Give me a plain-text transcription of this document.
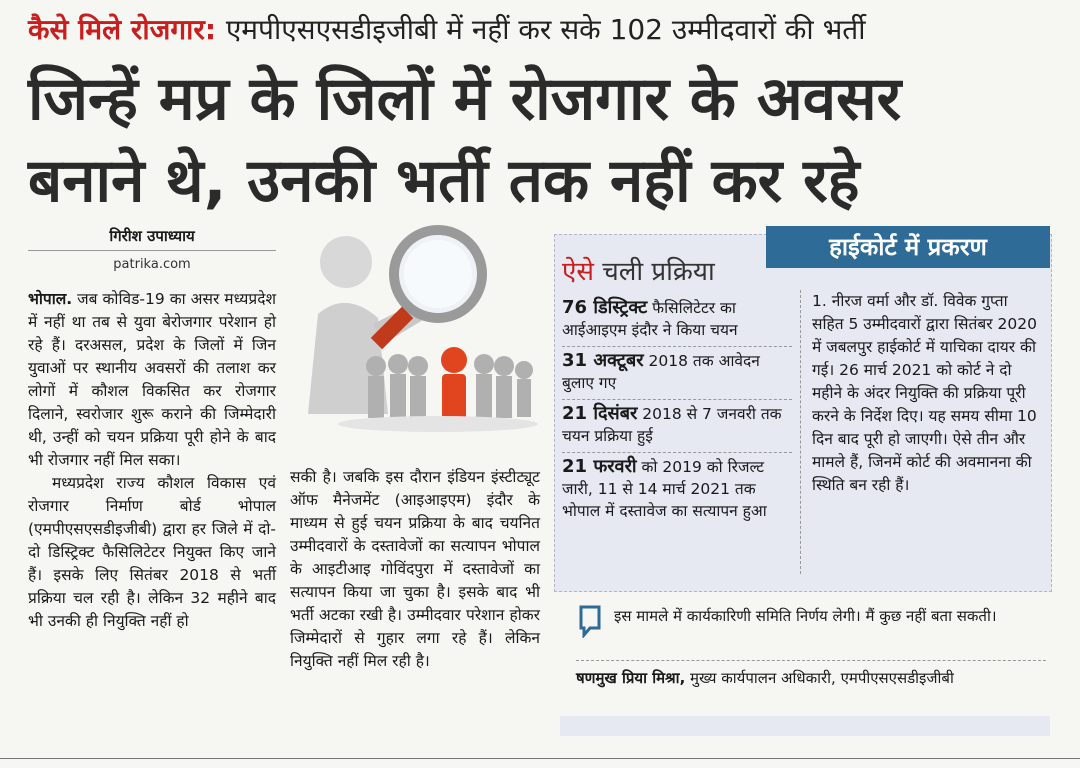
कैसे मिले रोजगार: एमपीएसएसडीइजीबी में नहीं कर सके 102 उम्मीदवारों की भर्ती
जिन्हें मप्र के जिलों में रोजगार के अवसर
बनाने थे, उनकी भर्ती तक नहीं कर रहे
गिरीश उपाध्याय
patrika.com

भोपाल. जब कोविड-19 का असर मध्यप्रदेश में नहीं था तब से युवा बेरोजगार परेशान हो रहे हैं। दरअसल, प्रदेश के जिलों में जिन युवाओं पर स्थानीय अवसरों की तलाश कर लोगों में कौशल विकसित कर रोजगार दिलाने, स्वरोजार शुरू कराने की जिम्मेदारी थी, उन्हीं को चयन प्रक्रिया पूरी होने के बाद भी रोजगार नहीं मिल सका।

मध्यप्रदेश राज्य कौशल विकास एवं रोजगार निर्माण बोर्ड भोपाल (एमपीएसएसडीइजीबी) द्वारा हर जिले में दो-दो डिस्ट्रिक्ट फैसिलिटेटर नियुक्त किए जाने हैं। इसके लिए सितंबर 2018 से भर्ती प्रक्रिया चल रही है। लेकिन 32 महीने बाद भी उनकी ही नियुक्ति नहीं हो

सकी है। जबकि इस दौरान इंडियन इंस्टीट्यूट ऑफ मैनेजमेंट (आइआइएम) इंदौर के माध्यम से हुई चयन प्रक्रिया के बाद चयनित उम्मीदवारों के दस्तावेजों का सत्यापन भोपाल के आइटीआइ गोविंदपुरा में दस्तावेजों का सत्यापन किया जा चुका है। इसके बाद भी भर्ती अटका रखी है। उम्मीदवार परेशान होकर जिम्मेदारों से गुहार लगा रहे हैं। लेकिन नियुक्ति नहीं मिल रही है।

हाईकोर्ट में प्रकरण
ऐसे चली प्रक्रिया
76 डिस्ट्रिक्ट फैसिलिटेटर का आईआइएम इंदौर ने किया चयन
31 अक्टूबर 2018 तक आवेदन बुलाए गए
21 दिसंबर 2018 से 7 जनवरी तक चयन प्रक्रिया हुई
21 फरवरी को 2019 को रिजल्ट जारी, 11 से 14 मार्च 2021 तक भोपाल में दस्तावेज का सत्यापन हुआ
1. नीरज वर्मा और डॉ. विवेक गुप्ता सहित 5 उम्मीदवारों द्वारा सितंबर 2020 में जबलपुर हाईकोर्ट में याचिका दायर की गई। 26 मार्च 2021 को कोर्ट ने दो महीने के अंदर नियुक्ति की प्रक्रिया पूरी करने के निर्देश दिए। यह समय सीमा 10 दिन बाद पूरी हो जाएगी। ऐसे तीन और मामले हैं, जिनमें कोर्ट की अवमानना की स्थिति बन रही हैं।
इस मामले में कार्यकारिणी समिति निर्णय लेगी। मैं कुछ नहीं बता सकती।
षणमुख प्रिया मिश्रा, मुख्य कार्यपालन अधिकारी, एमपीएसएसडीइजीबी
